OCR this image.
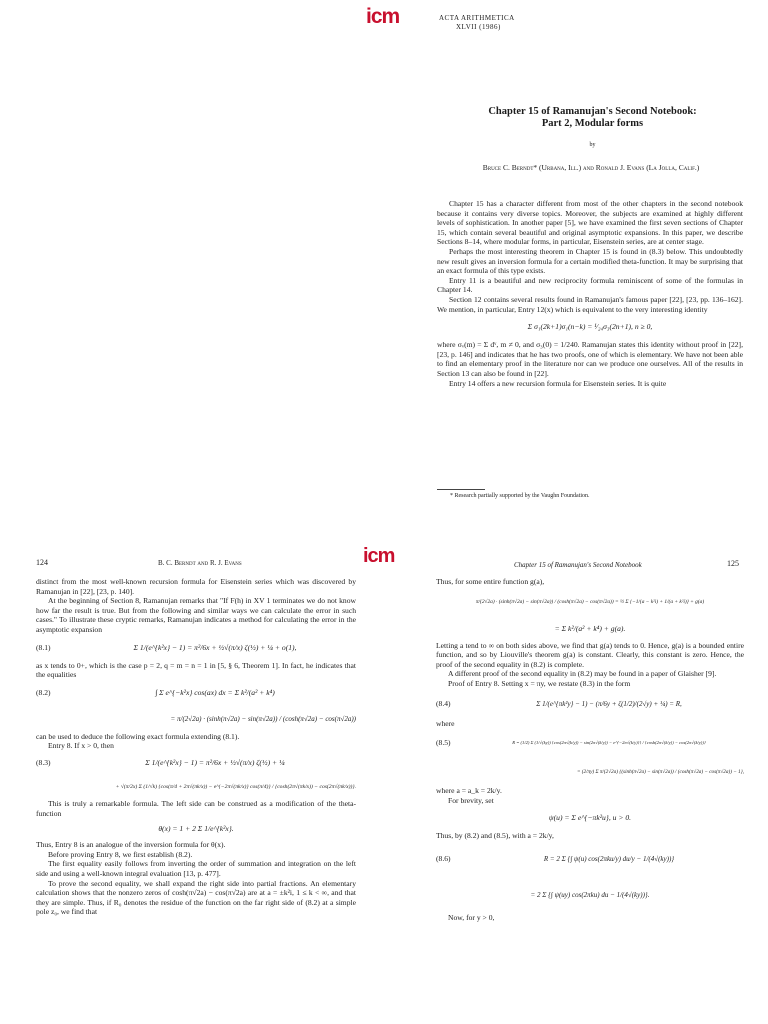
icm	ACTA ARITHMETICA
XLVII (1986)
Chapter 15 of Ramanujan's Second Notebook:
Part 2, Modular forms
by
Bruce C. Berndt* (Urbana, Ill.) and Ronald J. Evans (La Jolla, Calif.)

Chapter 15 has a character different from most of the other chapters in the second notebook because it contains very diverse topics. Moreover, the subjects are examined at highly different levels of sophistication. In another paper [5], we have examined the first seven sections of Chapter 15, which contain several beautiful and original asymptotic expansions. In this paper, we describe Sections 8–14, where modular forms, in particular, Eisenstein series, are at center stage.

Perhaps the most interesting theorem in Chapter 15 is found in (8.3) below. This undoubtedly new result gives an inversion formula for a certain modified theta-function. It may be surprising that an exact formula of this type exists.

Entry 11 is a beautiful and new reciprocity formula reminiscent of some of the formulas in Chapter 14.

Section 12 contains several results found in Ramanujan's famous paper [22], [23, pp. 136–162]. We mention, in particular, Entry 12(x) which is equivalent to the very interesting identity

Σ σ₁(2k+1)σ₁(n−k) = ¹⁄₂₄σ₃(2n+1), n ≥ 0,

where σᵥ(m) = Σ dᵛ, m ≠ 0, and σ₃(0) = 1/240. Ramanujan states this identity without proof in [22], [23, p. 146] and indicates that he has two proofs, one of which is elementary. We have not been able to find an elementary proof in the literature nor can we produce one ourselves. All of the results in Section 13 can also be found in [22].

Entry 14 offers a new recursion formula for Eisenstein series. It is quite

* Research partially supported by the Vaughn Foundation.
124	B. C. Berndt and R. J. Evans	icm

distinct from the most well-known recursion formula for Eisenstein series which was discovered by Ramanujan in [22], [23, p. 140].

At the beginning of Section 8, Ramanujan remarks that "If F(h) in XV 1 terminates we do not know how far the result is true. But from the following and similar ways we can calculate the error in such cases." To illustrate these cryptic remarks, Ramanujan indicates a method for calculating the error in the asymptotic expansion

(8.1)	Σ 1/(e^{k²x} − 1) = π²/6x + ½√(π/x) ζ(½) + ¼ + o(1),

as x tends to 0+, which is the case p = 2, q = m = n = 1 in [5, § 6, Theorem 1]. In fact, he indicates that the equalities

(8.2)	∫ Σ e^{−k²x} cos(ax) dx = Σ k²/(a² + k⁴)
= π/(2√2a) · (sinh(π√2a) − sin(π√2a)) / (cosh(π√2a) − cos(π√2a))

can be used to deduce the following exact formula extending (8.1).

Entry 8. If x > 0, then

(8.3)	Σ 1/(e^{k²x} − 1) = π²/6x + ½√(π/x) ζ(½) + ¼
+ √(π/2x) Σ (1/√k) {cos(π/4 + 2π√(πk/x)) − e^{−2π√(πk/x)} cos(π/4)} / {cosh(2π√(πk/x)) − cos(2π√(πk/x))}.

This is truly a remarkable formula. The left side can be construed as a modification of the theta-function

θ(x) = 1 + 2 Σ 1/e^{k²x}.

Thus, Entry 8 is an analogue of the inversion formula for θ(x).

Before proving Entry 8, we first establish (8.2).

The first equality easily follows from inverting the order of summation and integration on the left side and using a well-known integral evaluation [13, p. 477].

To prove the second equality, we shall expand the right side into partial fractions. An elementary calculation shows that the nonzero zeros of cosh(π√2a) − cos(π√2a) are at a = ±k²i, 1 ≤ k < ∞, and that they are simple. Thus, if R₀ denotes the residue of the function on the far right side of (8.2) at a simple pole z₀, we find that

Chapter 15 of Ramanujan's Second Notebook	125

Thus, for some entire function g(a),

π/(2√2a) · (sinh(π√2a) − sin(π√2a)) / (cosh(π√2a) − cos(π√2a)) = ½ Σ {−1/(a − k²i) + 1/(a + k²i)} + g(a)
= Σ k²/(a² + k⁴) + g(a).

Letting a tend to ∞ on both sides above, we find that g(a) tends to 0. Hence, g(a) is a bounded entire function, and so by Liouville's theorem g(a) is constant. Clearly, this constant is zero. Hence, the proof of the second equality in (8.2) is complete.

A different proof of the second equality in (8.2) may be found in a paper of Glaisher [9].

Proof of Entry 8. Setting x = πy, we restate (8.3) in the form

(8.4)	Σ 1/(e^{πk²y} − 1) − (π/6y + ζ(1/2)/(2√y) + ¼) = R,

where

(8.5)	R = (1/2) Σ (1/√(ky)) {cos(2π√(k/y)) − sin(2π√(k/y)) − e^{−2π√(k/y)}} / {cosh(2π√(k/y)) − cos(2π√(k/y))}
= (2/πy) Σ π/(2√2a) {(sinh(π√2a) − sin(π√2a)) / (cosh(π√2a) − cos(π√2a)) − 1},

where a = a_k = 2k/y.

For brevity, set

ψ(u) = Σ e^{−πk²u}, u > 0.

Thus, by (8.2) and (8.5), with a = 2k/y,

(8.6)	R = 2 Σ {∫ ψ(u) cos(2πku/y) du/y − 1/(4√(ky))}
= 2 Σ {∫ ψ(uy) cos(2πku) du − 1/(4√(ky))}.

Now, for y > 0,
